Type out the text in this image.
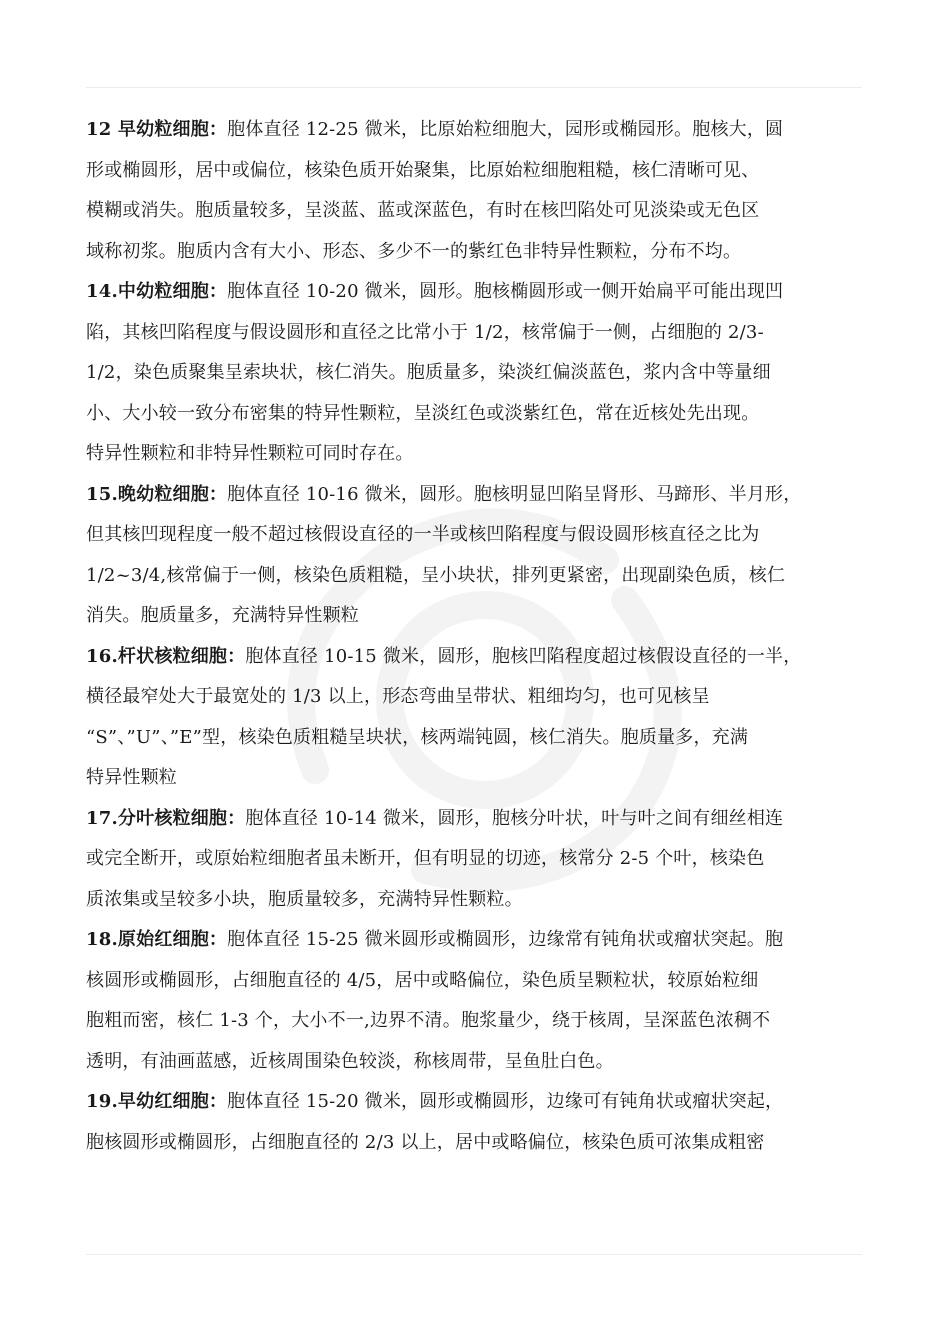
12 早幼粒细胞：胞体直径 12-25 微米，比原始粒细胞大，园形或椭园形。胞核大，圆
形或椭圆形，居中或偏位，核染色质开始聚集，比原始粒细胞粗糙，核仁清晰可见、
模糊或消失。胞质量较多，呈淡蓝、蓝或深蓝色，有时在核凹陷处可见淡染或无色区
域称初浆。胞质内含有大小、形态、多少不一的紫红色非特异性颗粒，分布不均。

14.中幼粒细胞：胞体直径 10-20 微米，圆形。胞核椭圆形或一侧开始扁平可能出现凹
陷，其核凹陷程度与假设圆形和直径之比常小于 1/2，核常偏于一侧，占细胞的 2/3-
1/2，染色质聚集呈索块状，核仁消失。胞质量多，染淡红偏淡蓝色，浆内含中等量细
小、大小较一致分布密集的特异性颗粒，呈淡红色或淡紫红色，常在近核处先出现。
特异性颗粒和非特异性颗粒可同时存在。

15.晚幼粒细胞：胞体直径 10-16 微米，圆形。胞核明显凹陷呈肾形、马蹄形、半月形，
但其核凹现程度一般不超过核假设直径的一半或核凹陷程度与假设圆形核直径之比为
1/2~3/4,核常偏于一侧，核染色质粗糙，呈小块状，排列更紧密，出现副染色质，核仁
消失。胞质量多，充满特异性颗粒

16.杆状核粒细胞：胞体直径 10-15 微米，圆形，胞核凹陷程度超过核假设直径的一半，
横径最窄处大于最宽处的 1/3 以上，形态弯曲呈带状、粗细均匀，也可见核呈
“S”、”U”、”E”型，核染色质粗糙呈块状，核两端钝圆，核仁消失。胞质量多，充满
特异性颗粒

17.分叶核粒细胞：胞体直径 10-14 微米，圆形，胞核分叶状，叶与叶之间有细丝相连
或完全断开，或原始粒细胞者虽未断开，但有明显的切迹，核常分 2-5 个叶，核染色
质浓集或呈较多小块，胞质量较多，充满特异性颗粒。

18.原始红细胞：胞体直径 15-25 微米圆形或椭圆形，边缘常有钝角状或瘤状突起。胞
核圆形或椭圆形，占细胞直径的 4/5，居中或略偏位，染色质呈颗粒状，较原始粒细
胞粗而密，核仁 1-3 个，大小不一,边界不清。胞浆量少，绕于核周，呈深蓝色浓稠不
透明，有油画蓝感，近核周围染色较淡，称核周带，呈鱼肚白色。

19.早幼红细胞：胞体直径 15-20 微米，圆形或椭圆形，边缘可有钝角状或瘤状突起，
胞核圆形或椭圆形，占细胞直径的 2/3 以上，居中或略偏位，核染色质可浓集成粗密
